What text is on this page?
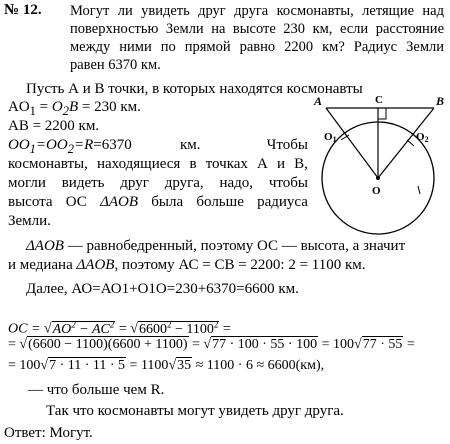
№ 12. Могут ли увидеть друг друга космонавты, летящие над
поверхностью Земли на высоте 230 км, если расстояние
между ними по прямой равно 2200 км? Радиус Земли
равен 6370 км.
Пусть А и В точки, в которых находятся космонавты
$AO_1 = O_2B = 230$ км.
АВ = 2200 км.
$OO_1=OO_2=R=6370$	км.	Чтобы
космонавты, находящиеся в точках А и В,
могли видеть друг друга, надо, чтобы
высота ОС ΔAOB была больше радиуса
Земли.
ΔAOB — равнобедренный, поэтому ОС — высота, а значит
и медиана ΔAOB, поэтому АС = СВ = 2200: 2 = 1100 км.
Далее, АО=АО1+О1О=230+6370=6600 км.
OC = $√AO^2 - AC^2 = √6600^2 - 1100^2$ =
= √(6600 − 1100)(6600 + 1100) = √77 · 100 · 55 · 100 = 100√77 · 55 =
= 100√7 · 11 · 11 · 5 = 1100√35 ≈ 1100 · 6 ≈ 6600(км),
— что больше чем R.
Так что космонавты могут увидеть друг друга.
Ответ: Могут.
A	C	B
O1	O2
O
